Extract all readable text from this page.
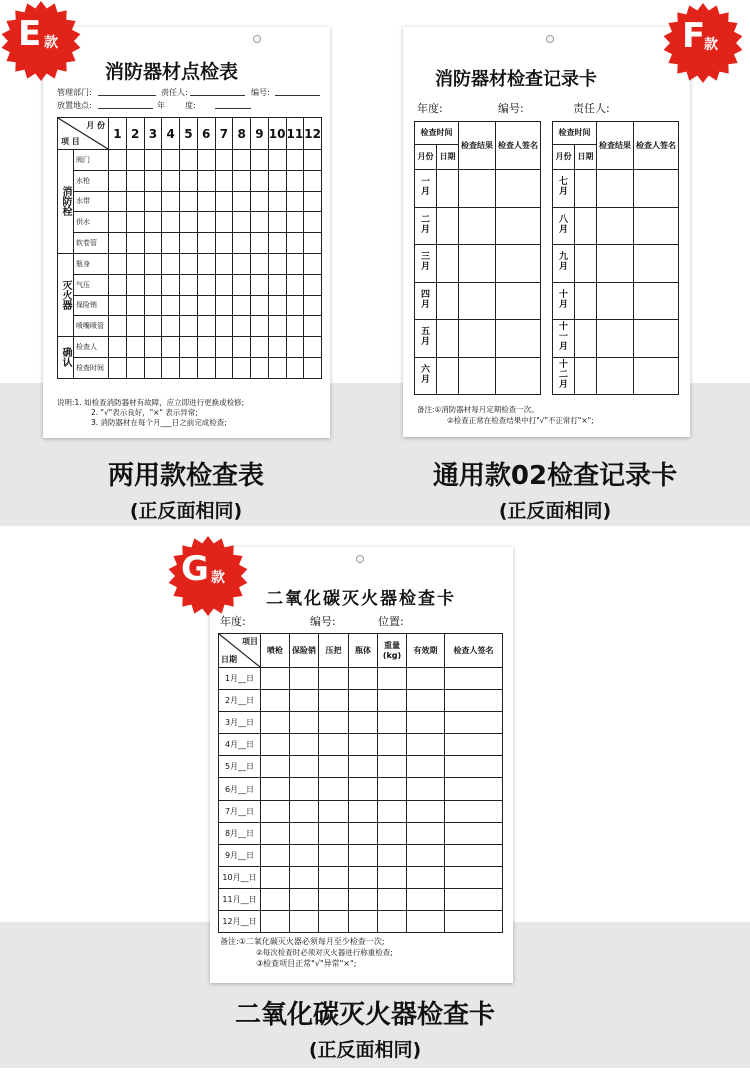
消防器材点检表
管理部门:	责任人:	编号:
放置地点:	年	度:
月 份
项 目		1	2	3	4	5	6	7	8	9	10	11	12
消防栓	阀门												
	水枪												
	水带												
	供水												
	软卷管												
灭火器	瓶身												
	气压												
	保险销												
	喷嘴喷管												
确认	检查人												
	检查时间												
说明:1. 如检查消防器材有故障，应立即进行更换或检修;
2. "√"表示良好，"×" 表示异常;
3. 消防器材在每个月___日之前完成检查;
消防器材检查记录卡
年度:	编号:	责任人:
检查时间		检查结果	检查人签名
月份	日期		
一月			
二月			
三月			
四月			
五月			
六月			
检查时间		检查结果	检查人签名
月份	日期		
七月			
八月			
九月			
十月			
十一月			
十二月			
备注:①消防器材每月定期检查一次。
②检查正常在检查结果中打"√"不正常打"×";
二氧化碳灭火器检查卡
年度:	编号:	位置:
项目
日期	喷枪	保险销	压把	瓶体	重量(kg)	有效期	检查人签名
1月__日							
2月__日							
3月__日							
4月__日							
5月__日							
6月__日							
7月__日							
8月__日							
9月__日							
10月__日							
11月__日							
12月__日							
备注:①二氧化碳灭火器必须每月至少检查一次;
②每次检查时必须对灭火器进行称重检查;
③检查项目正常"√"异常"×";
E 款	F
款
G 款
两用款检查表
(正反面相同)
通用款02检查记录卡
(正反面相同)
二氧化碳灭火器检查卡
(正反面相同)
